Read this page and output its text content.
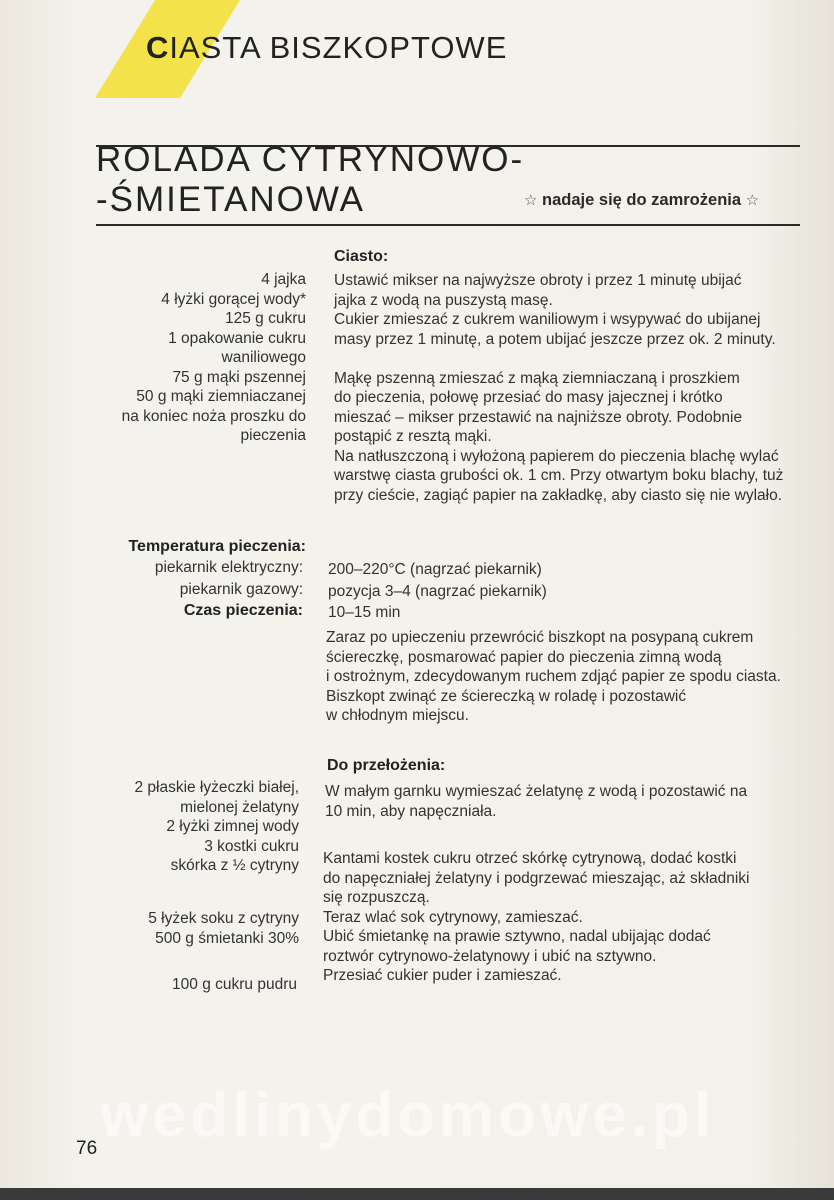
CIASTA BISZKOPTOWE
ROLADA CYTRYNOWO-
-ŚMIETANOWA	☆ nadaje się do zamrożenia ☆
Ciasto:

4 jajka

4 łyżki gorącej wody*

125 g cukru

1 opakowanie cukru

waniliowego

75 g mąki pszennej

50 g mąki ziemniaczanej

na koniec noża proszku do

pieczenia

Ustawić mikser na najwyższe obroty i przez 1 minutę ubijać

jajka z wodą na puszystą masę.

Cukier zmieszać z cukrem waniliowym i wsypywać do ubijanej

masy przez 1 minutę, a potem ubijać jeszcze przez ok. 2 minuty.

Mąkę pszenną zmieszać z mąką ziemniaczaną i proszkiem

do pieczenia, połowę przesiać do masy jajecznej i krótko

mieszać – mikser przestawić na najniższe obroty. Podobnie

postąpić z resztą mąki.

Na natłuszczoną i wyłożoną papierem do pieczenia blachę wylać

warstwę ciasta grubości ok. 1 cm. Przy otwartym boku blachy, tuż

przy cieście, zagiąć papier na zakładkę, aby ciasto się nie wylało.

Temperatura pieczenia:
piekarnik elektryczny:
piekarnik gazowy:
Czas pieczenia:

200–220°C (nagrzać piekarnik)

pozycja 3–4 (nagrzać piekarnik)

10–15 min

Zaraz po upieczeniu przewrócić biszkopt na posypaną cukrem

ściereczkę, posmarować papier do pieczenia zimną wodą

i ostrożnym, zdecydowanym ruchem zdjąć papier ze spodu ciasta.

Biszkopt zwinąć ze ściereczką w roladę i pozostawić

w chłodnym miejscu.

Do przełożenia:

2 płaskie łyżeczki białej,

mielonej żelatyny

2 łyżki zimnej wody

3 kostki cukru

skórka z ½ cytryny

W małym garnku wymieszać żelatynę z wodą i pozostawić na

10 min, aby napęczniała.

5 łyżek soku z cytryny

500 g śmietanki 30%

100 g cukru pudru

Kantami kostek cukru otrzeć skórkę cytrynową, dodać kostki

do napęczniałej żelatyny i podgrzewać mieszając, aż składniki

się rozpuszczą.

Teraz wlać sok cytrynowy, zamieszać.

Ubić śmietankę na prawie sztywno, nadal ubijając dodać

roztwór cytrynowo-żelatynowy i ubić na sztywno.

Przesiać cukier puder i zamieszać.

wedlinydomowe.pl
76
